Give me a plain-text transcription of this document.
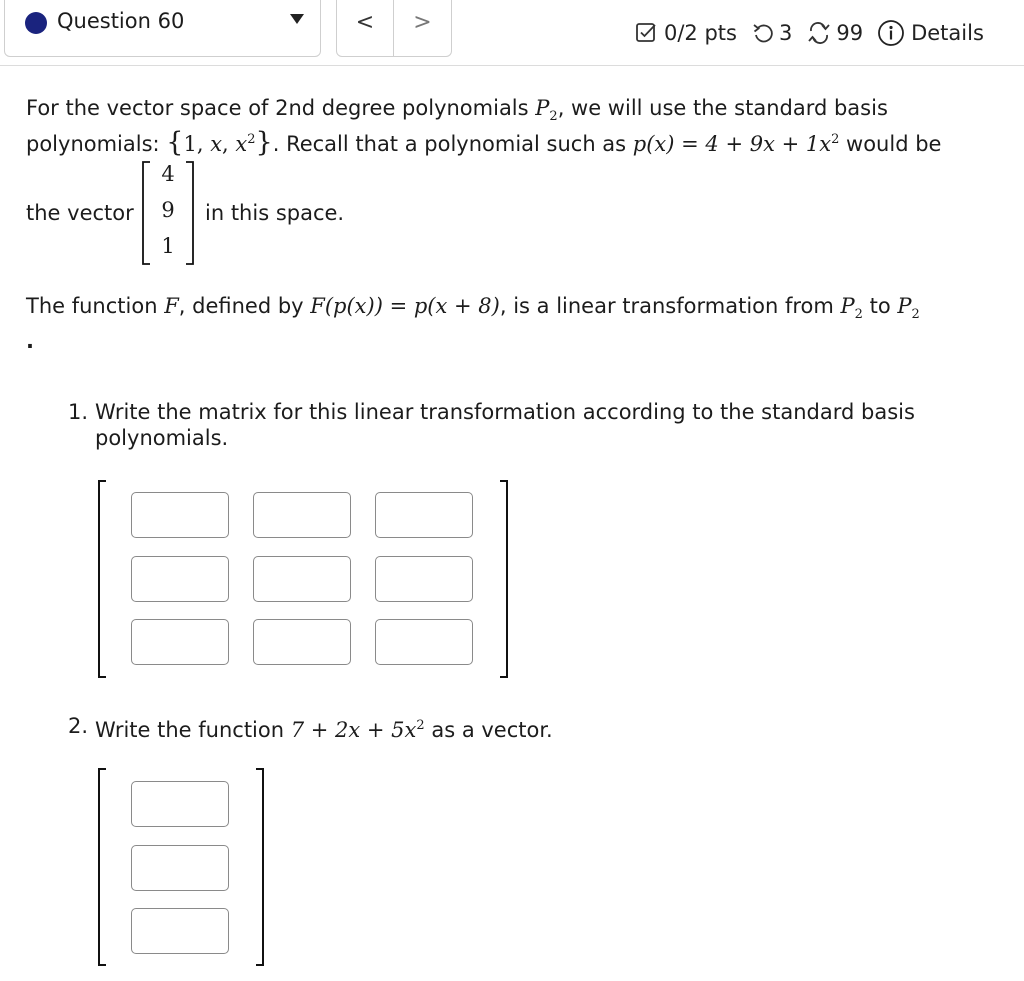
Question 60	<	>	0/2 pts 3 99 Details
For the vector space of 2nd degree polynomials $P_2$, we will use the standard basis
polynomials: {1, x, $x^2$}. Recall that a polynomial such as $p(x) = 4 + 9x + 1x^2$ would be
the vector
4
9
1
in this space.
The function F, defined by F(p(x)) = p(x + 8), is a linear transformation from $P_2$ to $P_2$
.
1. Write the matrix for this linear transformation according to the standard basis
polynomials.
2. Write the function $7 + 2x + 5x^2$ as a vector.
